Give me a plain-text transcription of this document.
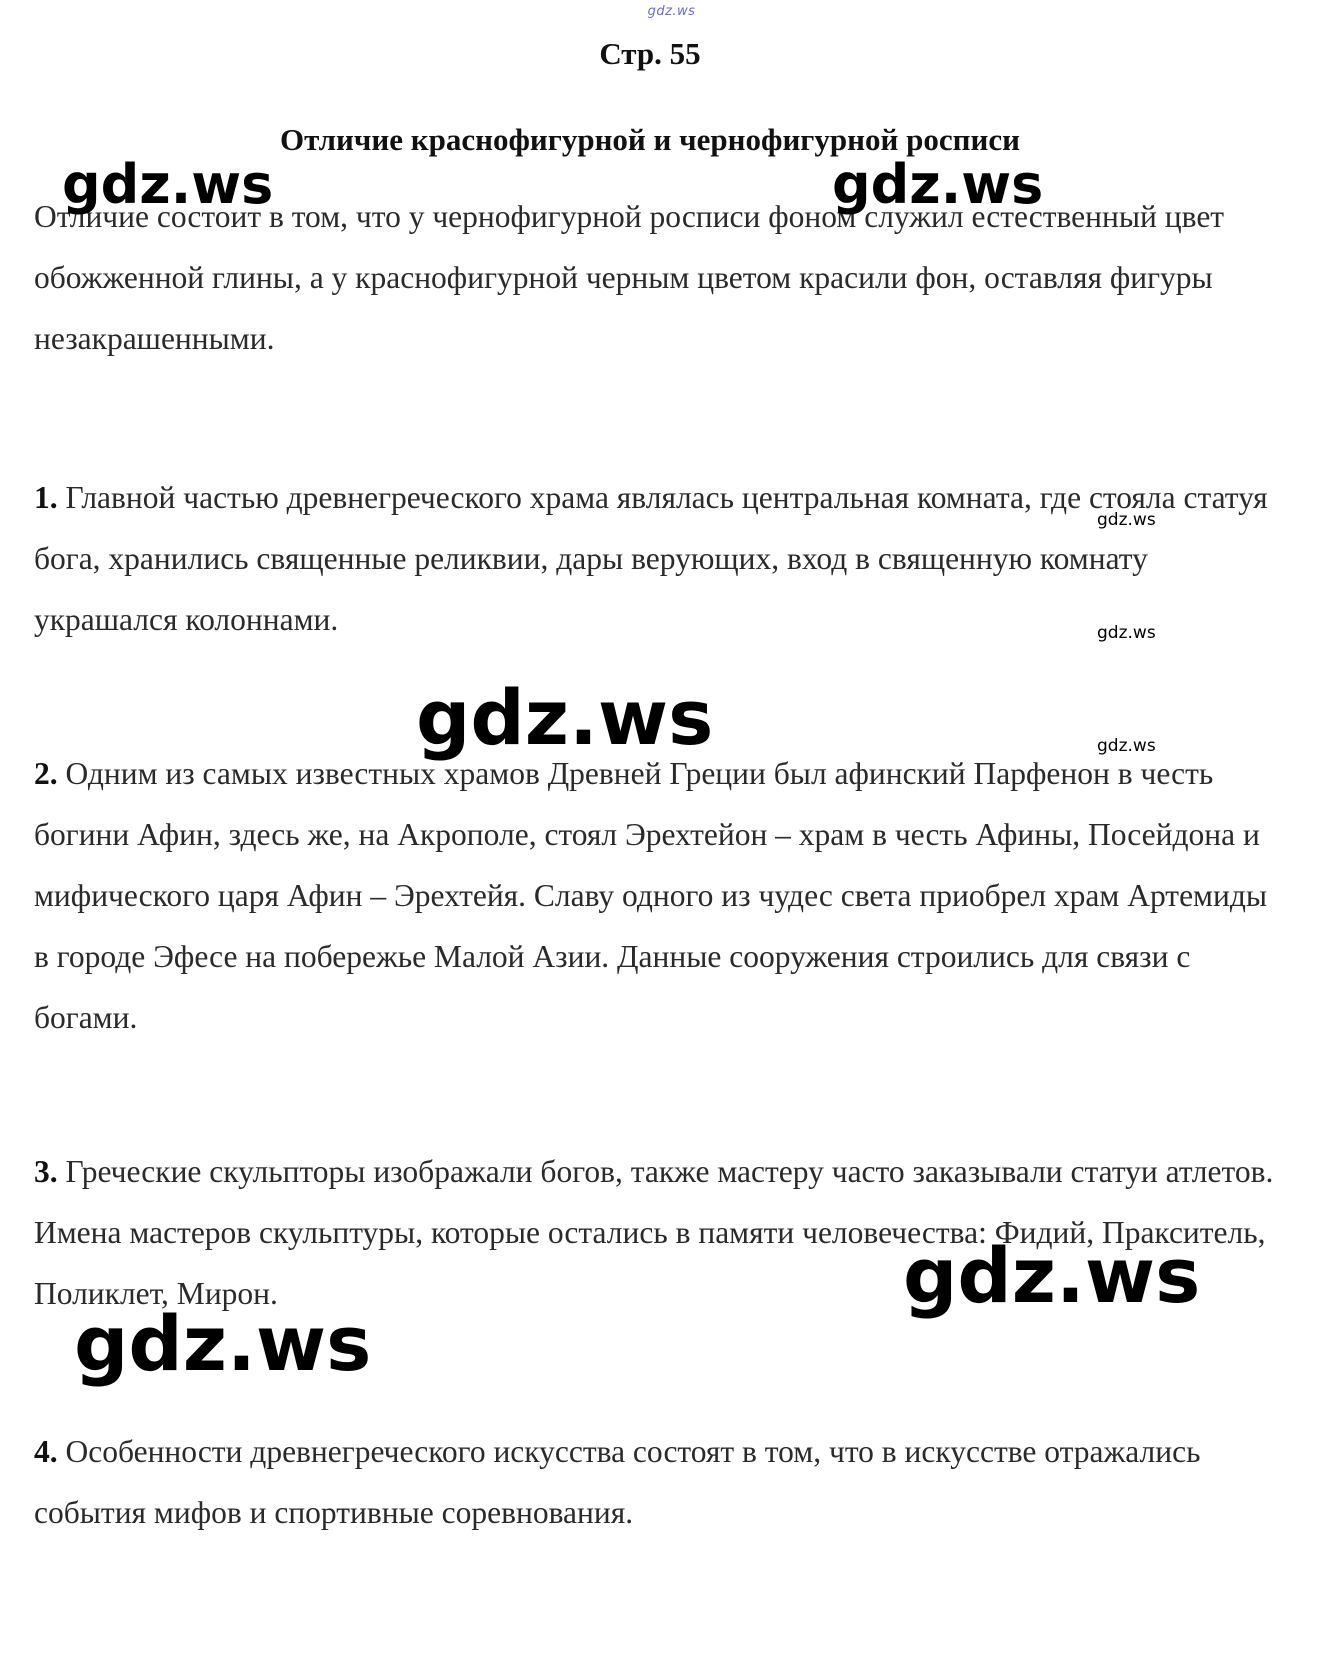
gdz.ws
Стр. 55
Отличие краснофигурной и чернофигурной росписи

Отличие состоит в том, что у чернофигурной росписи фоном служил естественный цвет обожженной глины, а у краснофигурной черным цветом красили фон, оставляя фигуры незакрашенными.

1. Главной частью древнегреческого храма являлась центральная комната, где стояла статуя бога, хранились священные реликвии, дары верующих, вход в священную комнату украшался колоннами.

2. Одним из самых известных храмов Древней Греции был афинский Парфенон в честь богини Афин, здесь же, на Акрополе, стоял Эрехтейон – храм в честь Афины, Посейдона и мифического царя Афин – Эрехтейя. Славу одного из чудес света приобрел храм Артемиды в городе Эфесе на побережье Малой Азии. Данные сооружения строились для связи с богами.

3. Греческие скульпторы изображали богов, также мастеру часто заказывали статуи атлетов. Имена мастеров скульптуры, которые остались в памяти человечества: Фидий, Пракситель, Поликлет, Мирон.

4. Особенности древнегреческого искусства состоят в том, что в искусстве отражались события мифов и спортивные соревнования.

gdz.ws	gdz.ws
gdz.ws
gdz.ws
gdz.ws	gdz.ws
gdz.ws
gdz.ws
